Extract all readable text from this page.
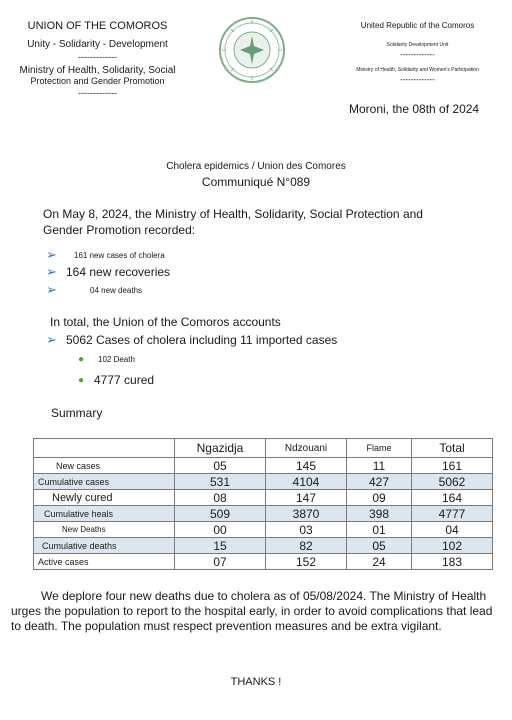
UNION OF THE COMOROS
Unity - Solidarity - Development
-------------
Ministry of Health, Solidarity, Social
Protection and Gender Promotion
-------------
United Republic of the Comoros
Solidarity Development Unit
-------------
Ministry of Health, Solidarity and Women's Participation
-------------
Moroni, the 08th of 2024
Cholera epidemics / Union des Comores
Communiqué N°089
On May 8, 2024, the Ministry of Health, Solidarity, Social Protection and Gender Promotion recorded:
➢	161 new cases of cholera
➢ 164 new recoveries
➢	04 new deaths
In total, the Union of the Comoros accounts
➢ 5062 Cases of cholera including 11 imported cases
●	102 Death
● 4777 cured
Summary
	Ngazidja	Ndzouani	Flame	Total
New cases	05	145	11	161
Cumulative cases	531	4104	427	5062
Newly cured	08	147	09	164
Cumulative heals	509	3870	398	4777
New Deaths	00	03	01	04
Cumulative deaths	15	82	05	102
Active cases	07	152	24	183

We deplore four new deaths due to cholera as of 05/08/2024. The Ministry of Health urges the population to report to the hospital early, in order to avoid complications that lead to death. The population must respect prevention measures and be extra vigilant.

THANKS !
